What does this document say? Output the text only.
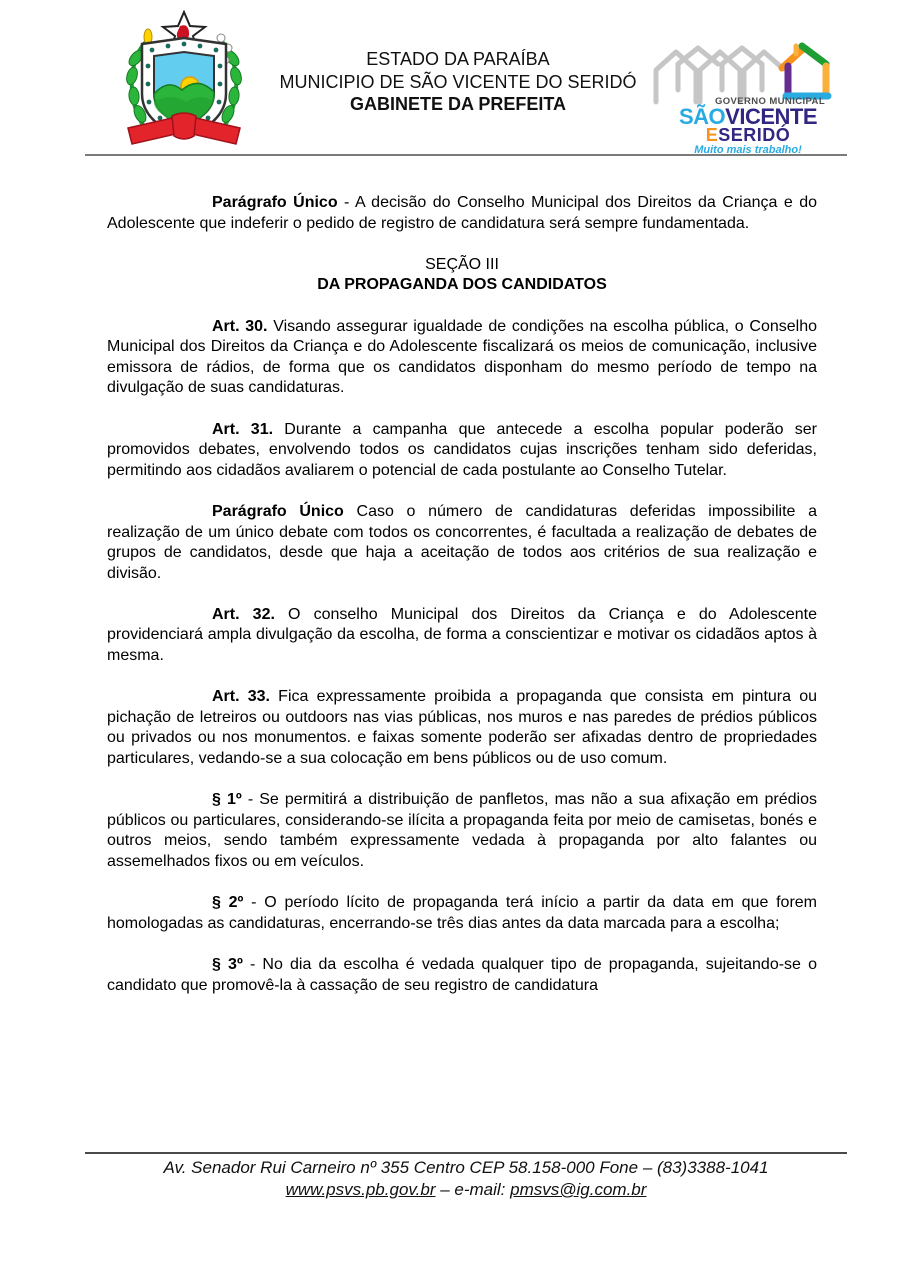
ESTADO DA PARAÍBA
MUNICIPIO DE SÃO VICENTE DO SERIDÓ
GABINETE DA PREFEITA	GOVERNO MUNICIPAL
SÃOVICENTE
ESERIDÓ
Muito mais trabalho!

Parágrafo Único - A decisão do Conselho Municipal dos Direitos da Criança e do Adolescente que indeferir o pedido de registro de candidatura será sempre fundamentada.

SEÇÃO III

DA PROPAGANDA DOS CANDIDATOS

Art. 30. Visando assegurar igualdade de condições na escolha pública, o Conselho Municipal dos Direitos da Criança e do Adolescente fiscalizará os meios de comunicação, inclusive emissora de rádios, de forma que os candidatos disponham do mesmo período de tempo na divulgação de suas candidaturas.

Art. 31. Durante a campanha que antecede a escolha popular poderão ser promovidos debates, envolvendo todos os candidatos cujas inscrições tenham sido deferidas, permitindo aos cidadãos avaliarem o potencial de cada postulante ao Conselho Tutelar.

Parágrafo Único Caso o número de candidaturas deferidas impossibilite a realização de um único debate com todos os concorrentes, é facultada a realização de debates de grupos de candidatos, desde que haja a aceitação de todos aos critérios de sua realização e divisão.

Art. 32. O conselho Municipal dos Direitos da Criança e do Adolescente providenciará ampla divulgação da escolha, de forma a conscientizar e motivar os cidadãos aptos à mesma.

Art. 33. Fica expressamente proibida a propaganda que consista em pintura ou pichação de letreiros ou outdoors nas vias públicas, nos muros e nas paredes de prédios públicos ou privados ou nos monumentos. e faixas somente poderão ser afixadas dentro de propriedades particulares, vedando-se a sua colocação em bens públicos ou de uso comum.

§ 1º - Se permitirá a distribuição de panfletos, mas não a sua afixação em prédios públicos ou particulares, considerando-se ilícita a propaganda feita por meio de camisetas, bonés e outros meios, sendo também expressamente vedada à propaganda por alto falantes ou assemelhados fixos ou em veículos.

§ 2º - O período lícito de propaganda terá início a partir da data em que forem homologadas as candidaturas, encerrando-se três dias antes da data marcada para a escolha;

§ 3º - No dia da escolha é vedada qualquer tipo de propaganda, sujeitando-se o candidato que promovê-la à cassação de seu registro de candidatura

Av. Senador Rui Carneiro nº 355 Centro CEP 58.158-000 Fone – (83)3388-1041
www.psvs.pb.gov.br – e-mail: pmsvs@ig.com.br
